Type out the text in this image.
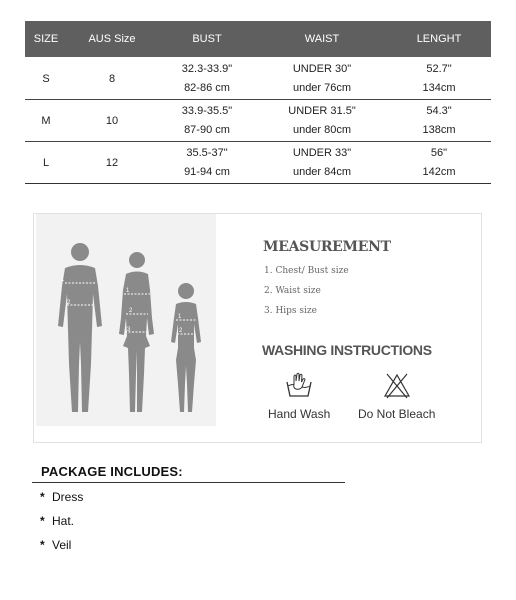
SIZE	AUS Size	BUST	WAIST	LENGHT
S	8	32.3-33.9"	UNDER 30"	52.7"
		82-86 cm	under 76cm	134cm
M	10	33.9-35.5"	UNDER 31.5"	54.3"
		87-90 cm	under 80cm	138cm
L	12	35.5-37"	UNDER 33"	56"
		91-94 cm	under 84cm	142cm
1
2
1
2
3
1
2
MEASUREMENT
1. Chest/ Bust size
2. Waist size
3. Hips size
WASHING INSTRUCTIONS
Hand Wash Do Not Bleach
PACKAGE INCLUDES:
* Dress
* Hat.
* Veil
